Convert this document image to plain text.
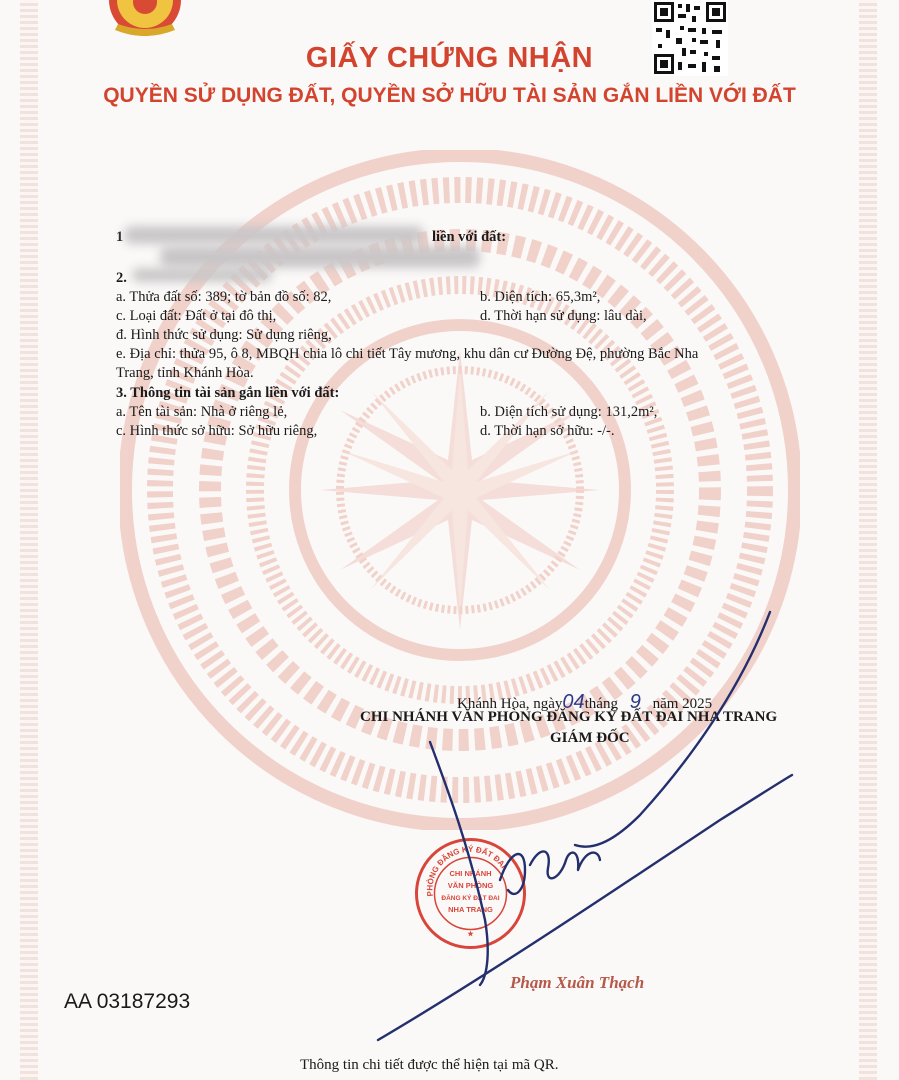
GIẤY CHỨNG NHẬN
QUYỀN SỬ DỤNG ĐẤT, QUYỀN SỞ HỮU TÀI SẢN GẮN LIỀN VỚI ĐẤT
1	liền với đất:
2.
a. Thửa đất số: 389; tờ bản đồ số: 82,	b. Diện tích: 65,3m²,
c. Loại đất: Đất ở tại đô thị,	d. Thời hạn sử dụng: lâu dài,
đ. Hình thức sử dụng: Sử dụng riêng,
e. Địa chỉ: thửa 95, ô 8, MBQH chia lô chi tiết Tây mương, khu dân cư Đường Đệ, phường Bắc Nha
Trang, tỉnh Khánh Hòa.
3. Thông tin tài sản gắn liền với đất:
a. Tên tài sản: Nhà ở riêng lẻ,	b. Diện tích sử dụng: 131,2m²,
c. Hình thức sở hữu: Sở hữu riêng,	d. Thời hạn sở hữu: -/-.
Khánh Hòa, ngày04tháng 9 năm 2025
CHI NHÁNH VĂN PHÒNG ĐĂNG KÝ ĐẤT ĐAI NHA TRANG
GIÁM ĐỐC
PHÒNG ĐĂNG KÝ ĐẤT ĐAI
CHI NHÁNH
VĂN PHÒNG
ĐĂNG KÝ ĐẤT ĐAI
NHA TRANG
★
Phạm Xuân Thạch
AA 03187293
Thông tin chi tiết được thể hiện tại mã QR.
